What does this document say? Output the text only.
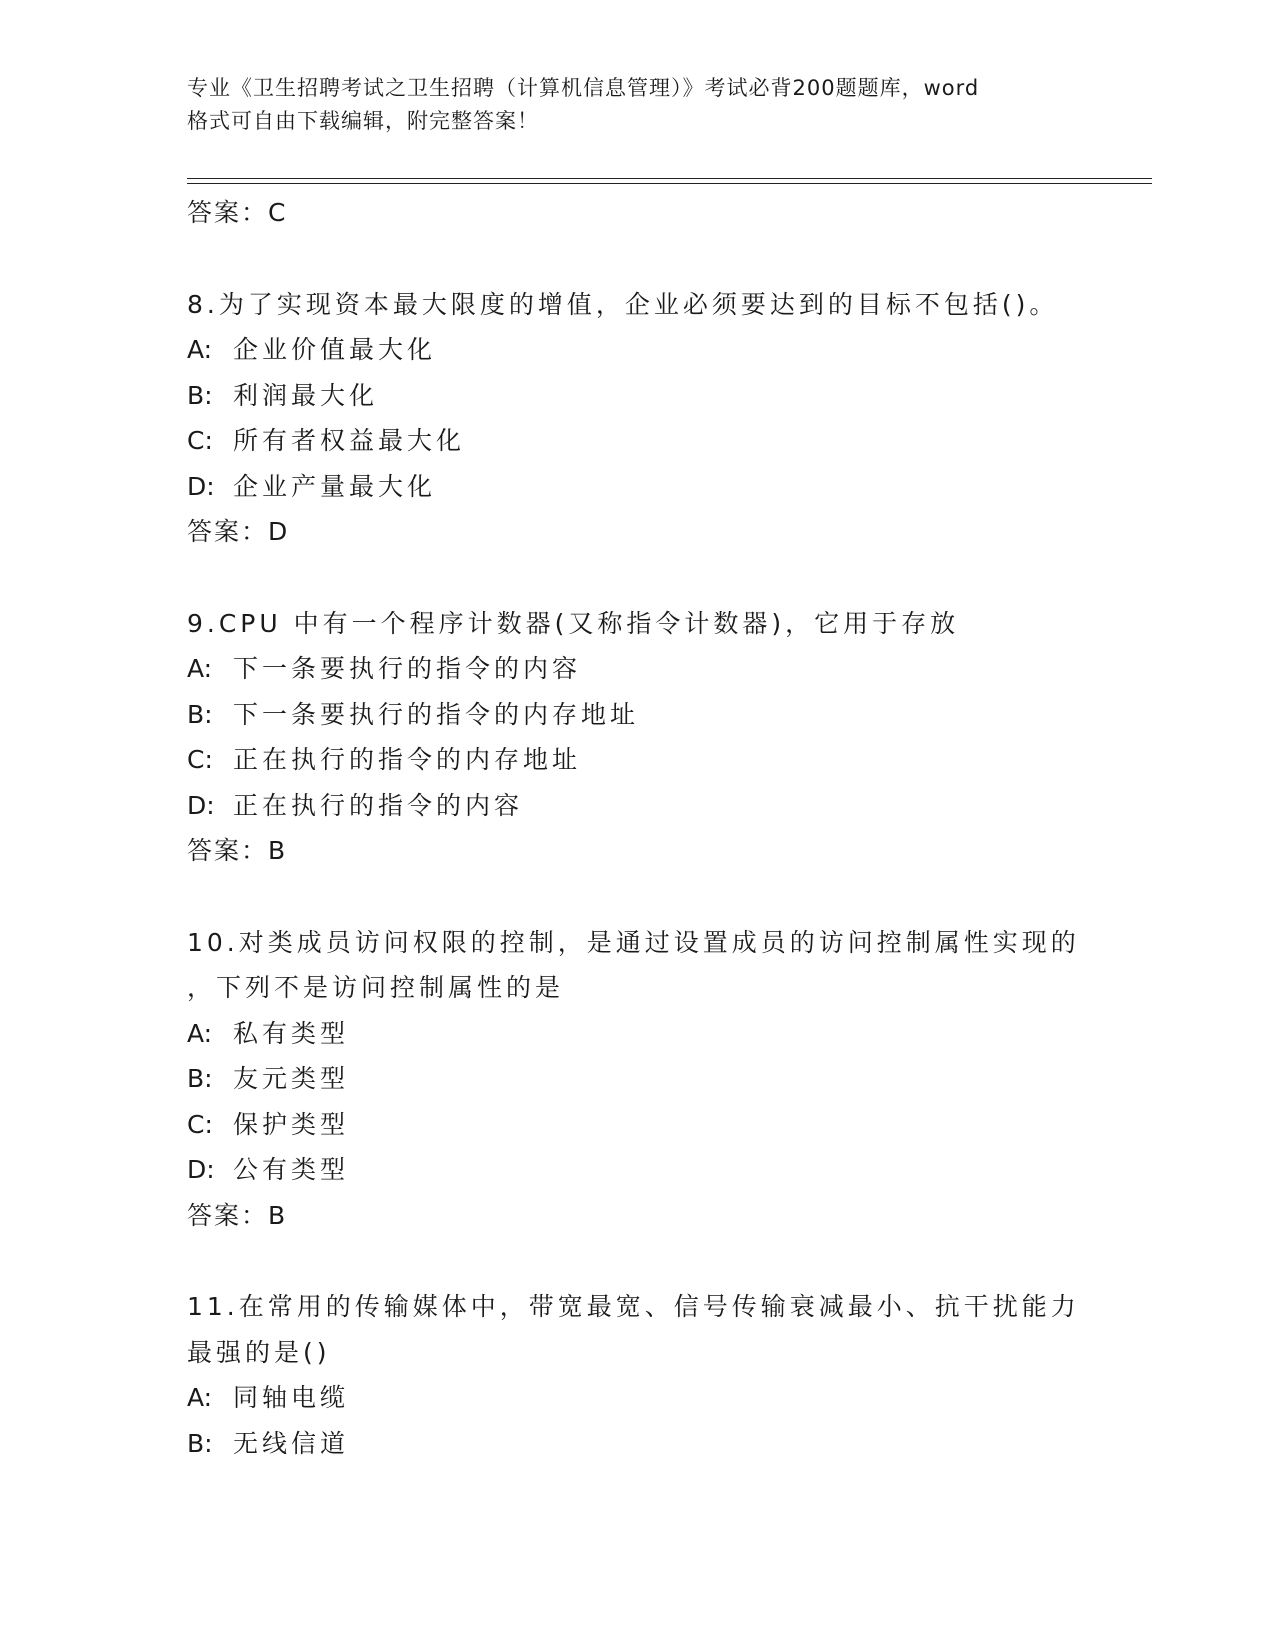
专业《卫生招聘考试之卫生招聘（计算机信息管理）》考试必背200题题库，word
格式可自由下载编辑，附完整答案！
答案：C
8.为了实现资本最大限度的增值，企业必须要达到的目标不包括()。
A: 企业价值最大化
B: 利润最大化
C: 所有者权益最大化
D: 企业产量最大化
答案：D
9.CPU 中有一个程序计数器(又称指令计数器)，它用于存放
A: 下一条要执行的指令的内容
B: 下一条要执行的指令的内存地址
C: 正在执行的指令的内存地址
D: 正在执行的指令的内容
答案：B
10.对类成员访问权限的控制，是通过设置成员的访问控制属性实现的
，下列不是访问控制属性的是
A: 私有类型
B: 友元类型
C: 保护类型
D: 公有类型
答案：B
11.在常用的传输媒体中，带宽最宽、信号传输衰减最小、抗干扰能力
最强的是()
A: 同轴电缆
B: 无线信道
